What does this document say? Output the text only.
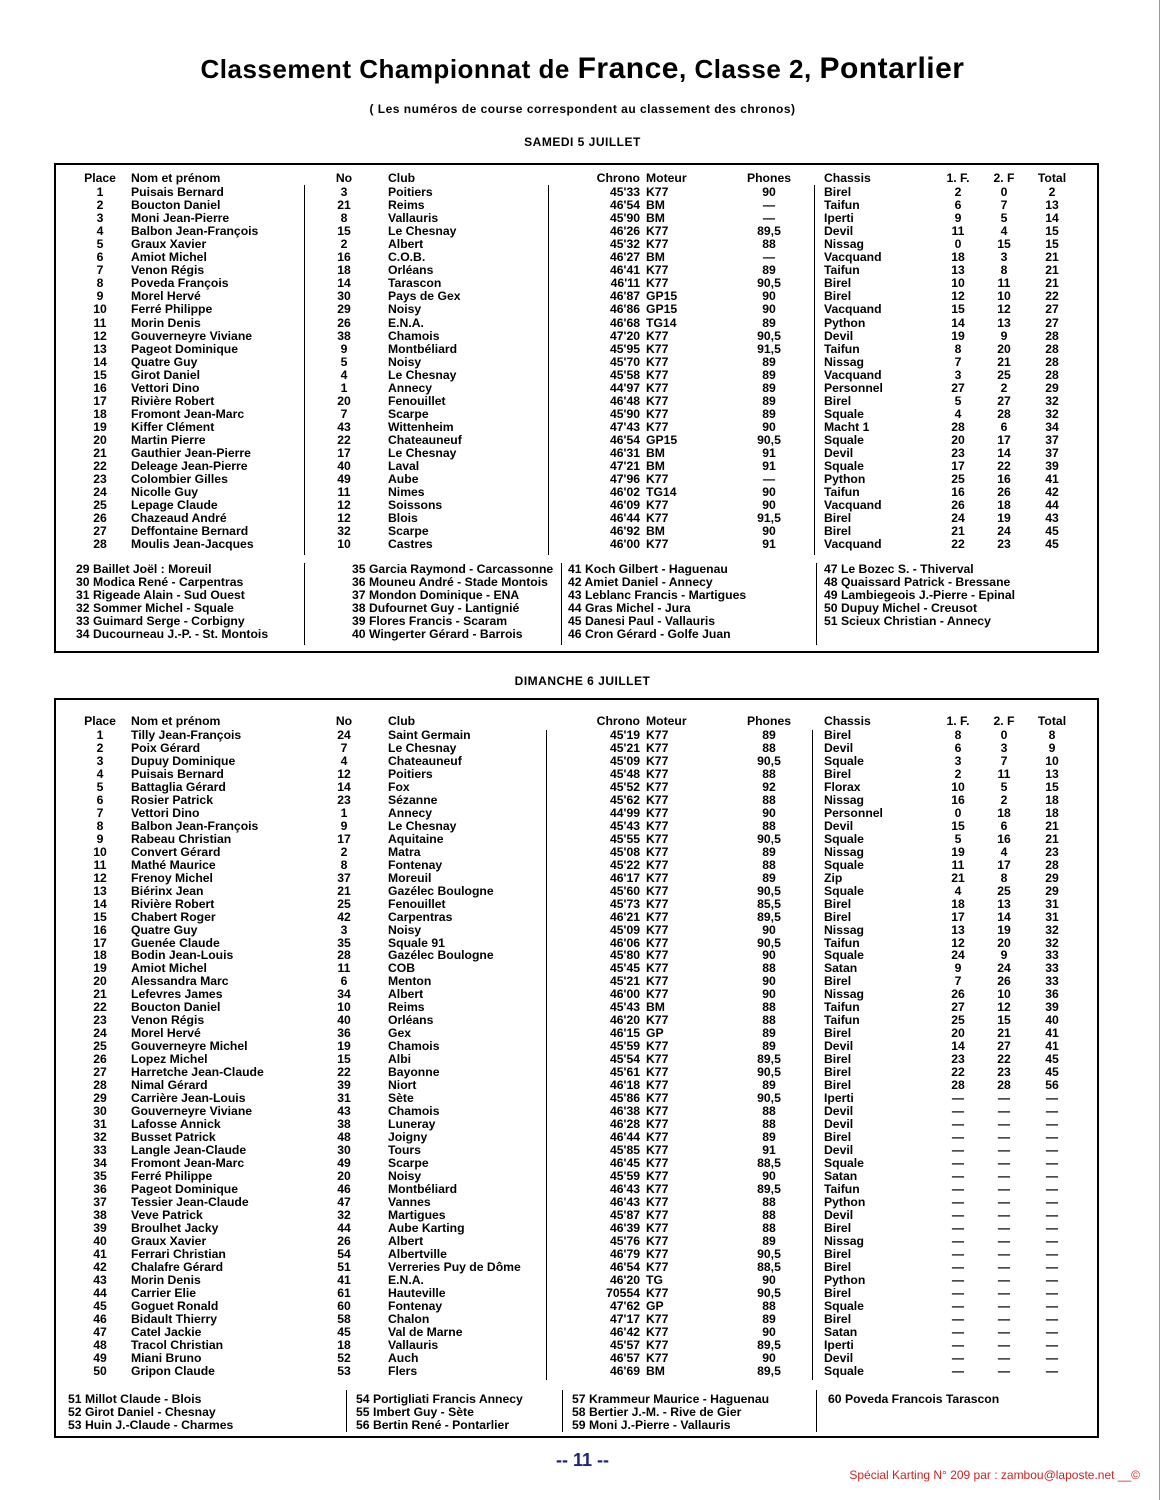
Classement Championnat de France, Classe 2, Pontarlier
( Les numéros de course correspondent au classement des chronos)
SAMEDI 5 JUILLET
Place Nom et prénom	No	Club	Chrono Moteur	Phones	Chassis	1. F.	2. F	Total
1	Puisais Bernard	3	Poitiers	45'33 K77	90	Birel	2	0	2
2	Boucton Daniel	21	Reims	46'54 BM	—	Taifun	6	7	13
3	Moni Jean-Pierre	8	Vallauris	45'90 BM	—	Iperti	9	5	14
4	Balbon Jean-François	15	Le Chesnay	46'26 K77	89,5	Devil	11	4	15
5	Graux Xavier	2	Albert	45'32 K77	88	Nissag	0	15	15
6	Amiot Michel	16	C.O.B.	46'27 BM	—	Vacquand	18	3	21
7	Venon Régis	18	Orléans	46'41 K77	89	Taifun	13	8	21
8	Poveda François	14	Tarascon	46'11 K77	90,5	Birel	10	11	21
9	Morel Hervé	30	Pays de Gex	46'87 GP15	90	Birel	12	10	22
10	Ferré Philippe	29	Noisy	46'86 GP15	90	Vacquand	15	12	27
11	Morin Denis	26	E.N.A.	46'68 TG14	89	Python	14	13	27
12	Gouverneyre Viviane	38	Chamois	47'20 K77	90,5	Devil	19	9	28
13	Pageot Dominique	9	Montbéliard	45'95 K77	91,5	Taifun	8	20	28
14	Quatre Guy	5	Noisy	45'70 K77	89	Nissag	7	21	28
15	Girot Daniel	4	Le Chesnay	45'58 K77	89	Vacquand	3	25	28
16	Vettori Dino	1	Annecy	44'97 K77	89	Personnel	27	2	29
17	Rivière Robert	20	Fenouillet	46'48 K77	89	Birel	5	27	32
18	Fromont Jean-Marc	7	Scarpe	45'90 K77	89	Squale	4	28	32
19	Kiffer Clément	43	Wittenheim	47'43 K77	90	Macht 1	28	6	34
20	Martin Pierre	22	Chateauneuf	46'54 GP15	90,5	Squale	20	17	37
21	Gauthier Jean-Pierre	17	Le Chesnay	46'31 BM	91	Devil	23	14	37
22	Deleage Jean-Pierre	40	Laval	47'21 BM	91	Squale	17	22	39
23	Colombier Gilles	49	Aube	47'96 K77	—	Python	25	16	41
24	Nicolle Guy	11	Nimes	46'02 TG14	90	Taifun	16	26	42
25	Lepage Claude	12	Soissons	46'09 K77	90	Vacquand	26	18	44
26	Chazeaud André	12	Blois	46'44 K77	91,5	Birel	24	19	43
27	Deffontaine Bernard	32	Scarpe	46'92 BM	90	Birel	21	24	45
28	Moulis Jean-Jacques	10	Castres	46'00 K77	91	Vacquand	22	23	45
29 Baillet Joël : Moreuil
30 Modica René - Carpentras
31 Rigeade Alain - Sud Ouest
32 Sommer Michel - Squale
33 Guimard Serge - Corbigny
34 Ducourneau J.-P. - St. Montois
35 Garcia Raymond - Carcassonne
36 Mouneu André - Stade Montois
37 Mondon Dominique - ENA
38 Dufournet Guy - Lantignié
39 Flores Francis - Scaram
40 Wingerter Gérard - Barrois
41 Koch Gilbert - Haguenau
42 Amiet Daniel - Annecy
43 Leblanc Francis - Martigues
44 Gras Michel - Jura
45 Danesi Paul - Vallauris
46 Cron Gérard - Golfe Juan
47 Le Bozec S. - Thiverval
48 Quaissard Patrick - Bressane
49 Lambiegeois J.-Pierre - Epinal
50 Dupuy Michel - Creusot
51 Scieux Christian - Annecy
DIMANCHE 6 JUILLET
Place Nom et prénom	No	Club	Chrono Moteur	Phones	Chassis	1. F.	2. F	Total
1	Tilly Jean-François	24	Saint Germain	45'19 K77	89	Birel	8	0	8
2	Poix Gérard	7	Le Chesnay	45'21 K77	88	Devil	6	3	9
3	Dupuy Dominique	4	Chateauneuf	45'09 K77	90,5	Squale	3	7	10
4	Puisais Bernard	12	Poitiers	45'48 K77	88	Birel	2	11	13
5	Battaglia Gérard	14	Fox	45'52 K77	92	Florax	10	5	15
6	Rosier Patrick	23	Sézanne	45'62 K77	88	Nissag	16	2	18
7	Vettori Dino	1	Annecy	44'99 K77	90	Personnel	0	18	18
8	Balbon Jean-François	9	Le Chesnay	45'43 K77	88	Devil	15	6	21
9	Rabeau Christian	17	Aquitaine	45'55 K77	90,5	Squale	5	16	21
10	Convert Gérard	2	Matra	45'08 K77	89	Nissag	19	4	23
11	Mathé Maurice	8	Fontenay	45'22 K77	88	Squale	11	17	28
12	Frenoy Michel	37	Moreuil	46'17 K77	89	Zip	21	8	29
13	Biérinx Jean	21	Gazélec Boulogne	45'60 K77	90,5	Squale	4	25	29
14	Rivière Robert	25	Fenouillet	45'73 K77	85,5	Birel	18	13	31
15	Chabert Roger	42	Carpentras	46'21 K77	89,5	Birel	17	14	31
16	Quatre Guy	3	Noisy	45'09 K77	90	Nissag	13	19	32
17	Guenée Claude	35	Squale 91	46'06 K77	90,5	Taifun	12	20	32
18	Bodin Jean-Louis	28	Gazélec Boulogne	45'80 K77	90	Squale	24	9	33
19	Amiot Michel	11	COB	45'45 K77	88	Satan	9	24	33
20	Alessandra Marc	6	Menton	45'21 K77	90	Birel	7	26	33
21	Lefevres James	34	Albert	46'00 K77	90	Nissag	26	10	36
22	Boucton Daniel	10	Reims	45'43 BM	88	Taifun	27	12	39
23	Venon Régis	40	Orléans	46'20 K77	88	Taifun	25	15	40
24	Morel Hervé	36	Gex	46'15 GP	89	Birel	20	21	41
25	Gouverneyre Michel	19	Chamois	45'59 K77	89	Devil	14	27	41
26	Lopez Michel	15	Albi	45'54 K77	89,5	Birel	23	22	45
27	Harretche Jean-Claude	22	Bayonne	45'61 K77	90,5	Birel	22	23	45
28	Nimal Gérard	39	Niort	46'18 K77	89	Birel	28	28	56
29	Carrière Jean-Louis	31	Sète	45'86 K77	90,5	Iperti	—	—	—
30	Gouverneyre Viviane	43	Chamois	46'38 K77	88	Devil	—	—	—
31	Lafosse Annick	38	Luneray	46'28 K77	88	Devil	—	—	—
32	Busset Patrick	48	Joigny	46'44 K77	89	Birel	—	—	—
33	Langle Jean-Claude	30	Tours	45'85 K77	91	Devil	—	—	—
34	Fromont Jean-Marc	49	Scarpe	46'45 K77	88,5	Squale	—	—	—
35	Ferré Philippe	20	Noisy	45'59 K77	90	Satan	—	—	—
36	Pageot Dominique	46	Montbéliard	46'43 K77	89,5	Taifun	—	—	—
37	Tessier Jean-Claude	47	Vannes	46'43 K77	88	Python	—	—	—
38	Veve Patrick	32	Martigues	45'87 K77	88	Devil	—	—	—
39	Broulhet Jacky	44	Aube Karting	46'39 K77	88	Birel	—	—	—
40	Graux Xavier	26	Albert	45'76 K77	89	Nissag	—	—	—
41	Ferrari Christian	54	Albertville	46'79 K77	90,5	Birel	—	—	—
42	Chalafre Gérard	51	Verreries Puy de Dôme	46'54 K77	88,5	Birel	—	—	—
43	Morin Denis	41	E.N.A.	46'20 TG	90	Python	—	—	—
44	Carrier Elie	61	Hauteville	70554 K77	90,5	Birel	—	—	—
45	Goguet Ronald	60	Fontenay	47'62 GP	88	Squale	—	—	—
46	Bidault Thierry	58	Chalon	47'17 K77	89	Birel	—	—	—
47	Catel Jackie	45	Val de Marne	46'42 K77	90	Satan	—	—	—
48	Tracol Christian	18	Vallauris	45'57 K77	89,5	Iperti	—	—	—
49	Miani Bruno	52	Auch	46'57 K77	90	Devil	—	—	—
50	Gripon Claude	53	Flers	46'69 BM	89,5	Squale	—	—	—
51 Millot Claude - Blois
52 Girot Daniel - Chesnay
53 Huin J.-Claude - Charmes
54 Portigliati Francis Annecy
55 Imbert Guy - Sète
56 Bertin René - Pontarlier
57 Krammeur Maurice - Haguenau
58 Bertier J.-M. - Rive de Gier
59 Moni J.-Pierre - Vallauris
60 Poveda Francois Tarascon
-- 11 --
Spécial Karting N° 209 par : zambou@laposte.net __©
